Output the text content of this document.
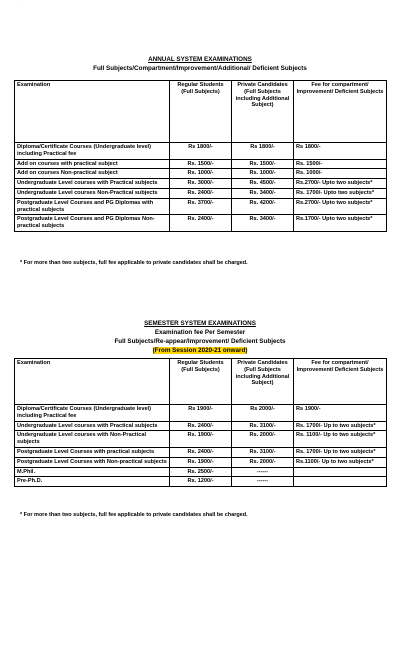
·
ANNUAL SYSTEM EXAMINATIONS
Full Subjects/Compartment/Improvement/Additional/ Deficient Subjects
Examination	Regular Students (Full Subjects)	Private Candidates (Full Subjects including Additional Subject)	Fee for compartment/ Improvement/ Deficient Subjects
Diploma/Certificate Courses (Undergraduate level) including Practical fee	Rs 1800/-	Rs 1800/-	Rs 1800/-
Add on courses with practical subject	Rs. 1500/-	Rs. 1500/-	Rs. 1500/-
Add on courses Non-practical subject	Rs. 1000/-	Rs. 1000/-	Rs. 1000/-
Undergraduate Level courses with Practical subjects	Rs. 3000/-	Rs. 4500/-	Rs.2700/- Upto two subjects*
Undergraduate Level courses Non-Practical subjects	Rs. 2400/-	Rs. 3400/-	Rs. 1700/- Upto two subjects*
Postgraduate Level Courses and PG Diplomas with practical subjects	Rs. 3700/-	Rs. 4200/-	Rs.2700/- Upto two subjects*
Postgraduate Level Courses and PG Diplomas Non-practical subjects	Rs. 2400/-	Rs. 3400/-	Rs.1700/- Upto two subjects*
* For more than two subjects, full fee applicable to private candidates shall be charged.
SEMESTER SYSTEM EXAMINATIONS
Examination fee Per Semester
Full Subjects/Re-appear/Improvement/ Deficient Subjects
(From Session 2020-21 onward)
Examination	Regular Students (Full Subjects)	Private Candidates (Full Subjects including Additional Subject)	Fee for compartment/ Improvement/ Deficient Subjects
Diploma/Certificate Courses (Undergraduate level) including Practical fee	Rs 1900/-	Rs 2000/-	Rs 1900/-
Undergraduate Level courses with Practical subjects	Rs. 2400/-	Rs. 3100/-	Rs. 1700/- Up to two subjects*
Undergraduate Level courses with Non-Practical subjects	Rs. 1900/-	Rs. 2000/-	Rs. 1100/- Up to two subjects*
Postgraduate Level Courses with practical subjects	Rs. 2400/-	Rs. 3100/-	Rs. 1700/- Up to two subjects*
Postgraduate Level Courses with Non-practical subjects	Rs. 1900/-	Rs. 2000/-	Rs.1100/- Up to two subjects*
M.Phil.	Rs. 2500/-	------	
Pre-Ph.D.	Rs. 1200/-	------	
* For more than two subjects, full fee applicable to private candidates shall be charged.
